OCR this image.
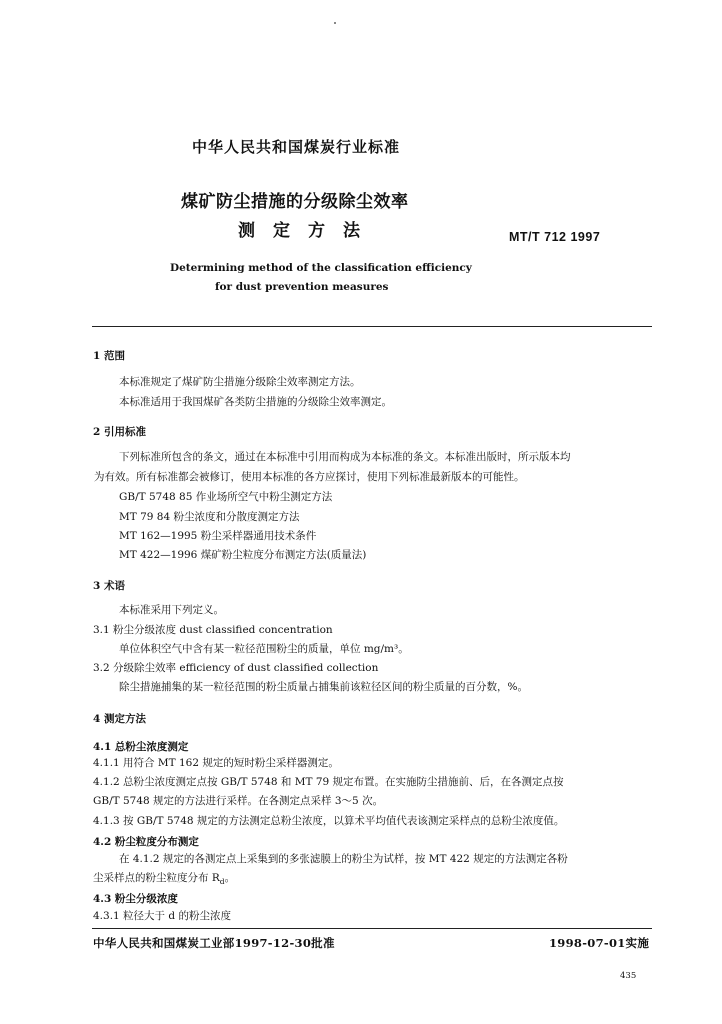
中华人民共和国煤炭行业标准
煤矿防尘措施的分级除尘效率
测定方法	MT/T 712 1997
Determining method of the classification efficiency
for dust prevention measures
1 范围
本标准规定了煤矿防尘措施分级除尘效率测定方法。
本标准适用于我国煤矿各类防尘措施的分级除尘效率测定。
2 引用标准
下列标准所包含的条文，通过在本标准中引用而构成为本标准的条文。本标准出版时，所示版本均
为有效。所有标准都会被修订，使用本标准的各方应探讨，使用下列标准最新版本的可能性。
GB/T 5748 85 作业场所空气中粉尘测定方法
MT 79 84 粉尘浓度和分散度测定方法
MT 162—1995 粉尘采样器通用技术条件
MT 422—1996 煤矿粉尘粒度分布测定方法(质量法)
3 术语
本标准采用下列定义。
3.1 粉尘分级浓度 dust classified concentration
单位体积空气中含有某一粒径范围粉尘的质量，单位 mg/m³。
3.2 分级除尘效率 efficiency of dust classified collection
除尘措施捕集的某一粒径范围的粉尘质量占捕集前该粒径区间的粉尘质量的百分数，%。
4 测定方法
4.1 总粉尘浓度测定
4.1.1 用符合 MT 162 规定的短时粉尘采样器测定。
4.1.2 总粉尘浓度测定点按 GB/T 5748 和 MT 79 规定布置。在实施防尘措施前、后，在各测定点按
GB/T 5748 规定的方法进行采样。在各测定点采样 3～5 次。
4.1.3 按 GB/T 5748 规定的方法测定总粉尘浓度，以算术平均值代表该测定采样点的总粉尘浓度值。
4.2 粉尘粒度分布测定
在 4.1.2 规定的各测定点上采集到的多张滤膜上的粉尘为试样，按 MT 422 规定的方法测定各粉
尘采样点的粉尘粒度分布 $R_d$。
4.3 粉尘分级浓度
4.3.1 粒径大于 d 的粉尘浓度
中华人民共和国煤炭工业部1997-12-30批准	1998-07-01实施
435
